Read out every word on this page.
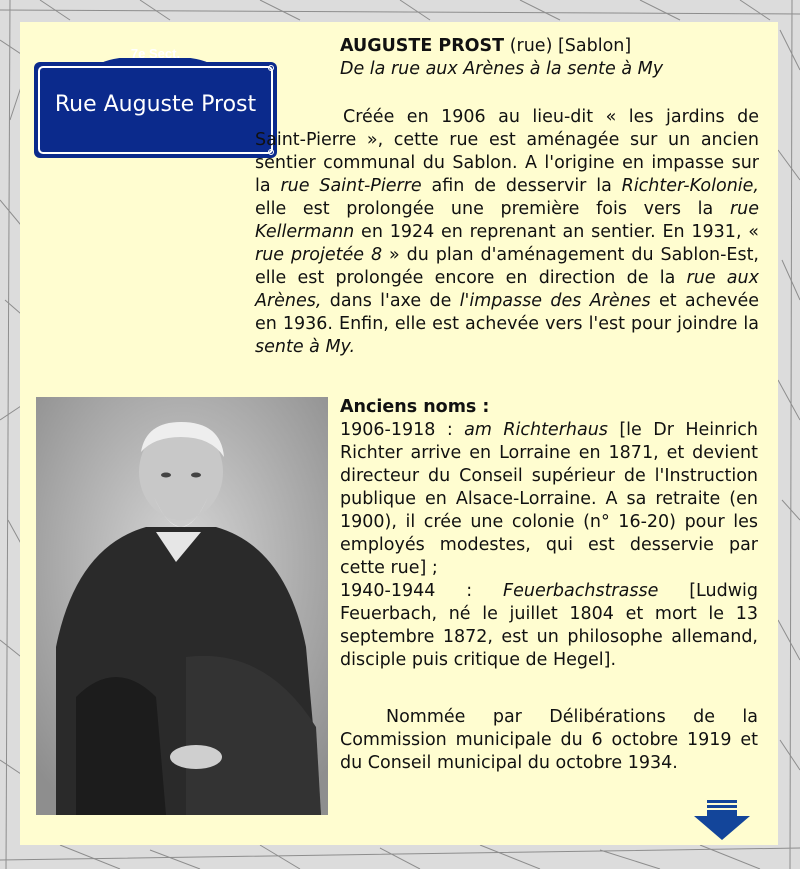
7e Sect.
Rue Auguste Prost
AUGUSTE PROST (rue) [Sablon]
De la rue aux Arènes à la sente à My

Créée en 1906 au lieu-dit « les jardins de Saint-Pierre », cette rue est aménagée sur un ancien sentier communal du Sablon. A l'origine en impasse sur la rue Saint-Pierre afin de desservir la Richter-Kolonie, elle est prolongée une première fois vers la rue Kellermann en 1924 en reprenant an sentier. En 1931, « rue projetée 8 » du plan d'aménagement du Sablon-Est, elle est prolongée encore en direction de la rue aux Arènes, dans l'axe de l'impasse des Arènes et achevée en 1936. Enfin, elle est achevée vers l'est pour joindre la sente à My.

Anciens noms :

1906-1918 : am Richterhaus [le Dr Heinrich Richter arrive en Lorraine en 1871, et devient directeur du Conseil supérieur de l'Instruction publique en Alsace-Lorraine. A sa retraite (en 1900), il crée une colonie (n° 16-20) pour les employés modestes, qui est desservie par cette rue] ;

1940-1944 : Feuerbachstrasse [Ludwig Feuerbach, né le juillet 1804 et mort le 13 septembre 1872, est un philosophe allemand, disciple puis critique de Hegel].

Nommée par Délibérations de la Commission municipale du 6 octobre 1919 et du Conseil municipal du octobre 1934.
